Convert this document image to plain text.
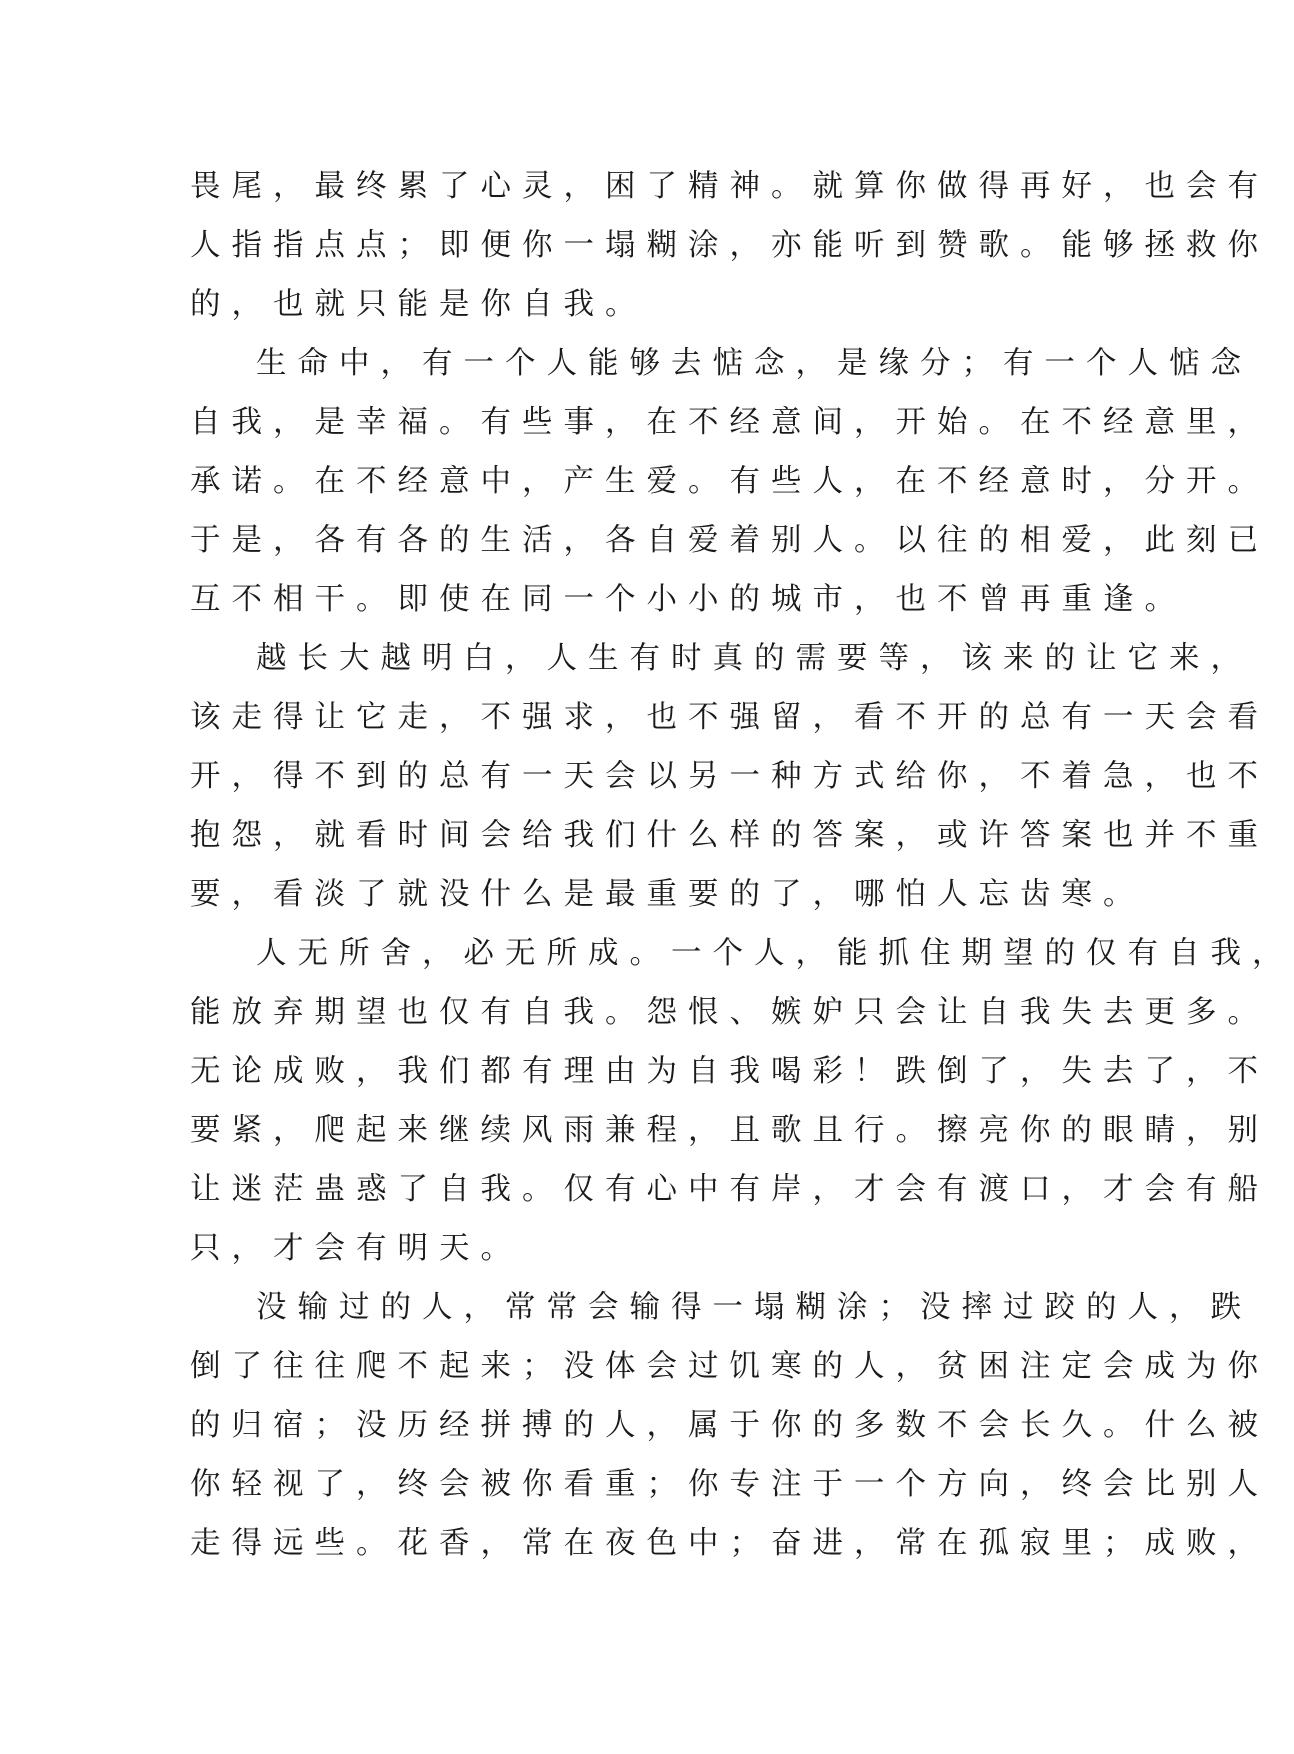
畏尾，最终累了心灵，困了精神。就算你做得再好，也会有
人指指点点；即便你一塌糊涂，亦能听到赞歌。能够拯救你
的，也就只能是你自我。
生命中，有一个人能够去惦念，是缘分；有一个人惦念
自我，是幸福。有些事，在不经意间，开始。在不经意里，
承诺。在不经意中，产生爱。有些人，在不经意时，分开。
于是，各有各的生活，各自爱着别人。以往的相爱，此刻已
互不相干。即使在同一个小小的城市，也不曾再重逢。
越长大越明白，人生有时真的需要等，该来的让它来，
该走得让它走，不强求，也不强留，看不开的总有一天会看
开，得不到的总有一天会以另一种方式给你，不着急，也不
抱怨，就看时间会给我们什么样的答案，或许答案也并不重
要，看淡了就没什么是最重要的了，哪怕人忘齿寒。
人无所舍，必无所成。一个人，能抓住期望的仅有自我，
能放弃期望也仅有自我。怨恨、嫉妒只会让自我失去更多。
无论成败，我们都有理由为自我喝彩！跌倒了，失去了，不
要紧，爬起来继续风雨兼程，且歌且行。擦亮你的眼睛，别
让迷茫蛊惑了自我。仅有心中有岸，才会有渡口，才会有船
只，才会有明天。
没输过的人，常常会输得一塌糊涂；没摔过跤的人，跌
倒了往往爬不起来；没体会过饥寒的人，贫困注定会成为你
的归宿；没历经拼搏的人，属于你的多数不会长久。什么被
你轻视了，终会被你看重；你专注于一个方向，终会比别人
走得远些。花香，常在夜色中；奋进，常在孤寂里；成败，
